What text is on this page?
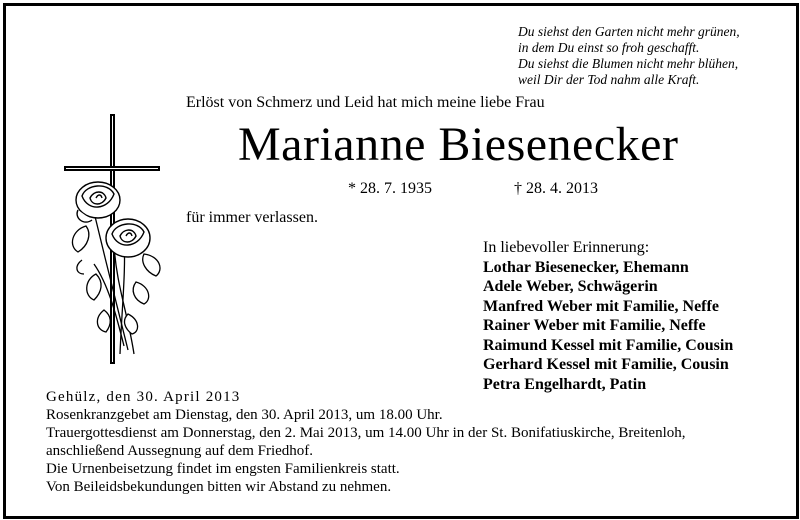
Du siehst den Garten nicht mehr grünen,
in dem Du einst so froh geschafft.
Du siehst die Blumen nicht mehr blühen,
weil Dir der Tod nahm alle Kraft.
Erlöst von Schmerz und Leid hat mich meine liebe Frau
Marianne Biesenecker
* 28. 7. 1935	† 28. 4. 2013
für immer verlassen.
In liebevoller Erinnerung:
Lothar Biesenecker, Ehemann
Adele Weber, Schwägerin
Manfred Weber mit Familie, Neffe
Rainer Weber mit Familie, Neffe
Raimund Kessel mit Familie, Cousin
Gerhard Kessel mit Familie, Cousin
Petra Engelhardt, Patin
Gehülz, den 30. April 2013
Rosenkranzgebet am Dienstag, den 30. April 2013, um 18.00 Uhr.
Trauergottesdienst am Donnerstag, den 2. Mai 2013, um 14.00 Uhr in der St. Bonifatiuskirche, Breitenloh,
anschließend Aussegnung auf dem Friedhof.
Die Urnenbeisetzung findet im engsten Familienkreis statt.
Von Beileidsbekundungen bitten wir Abstand zu nehmen.
